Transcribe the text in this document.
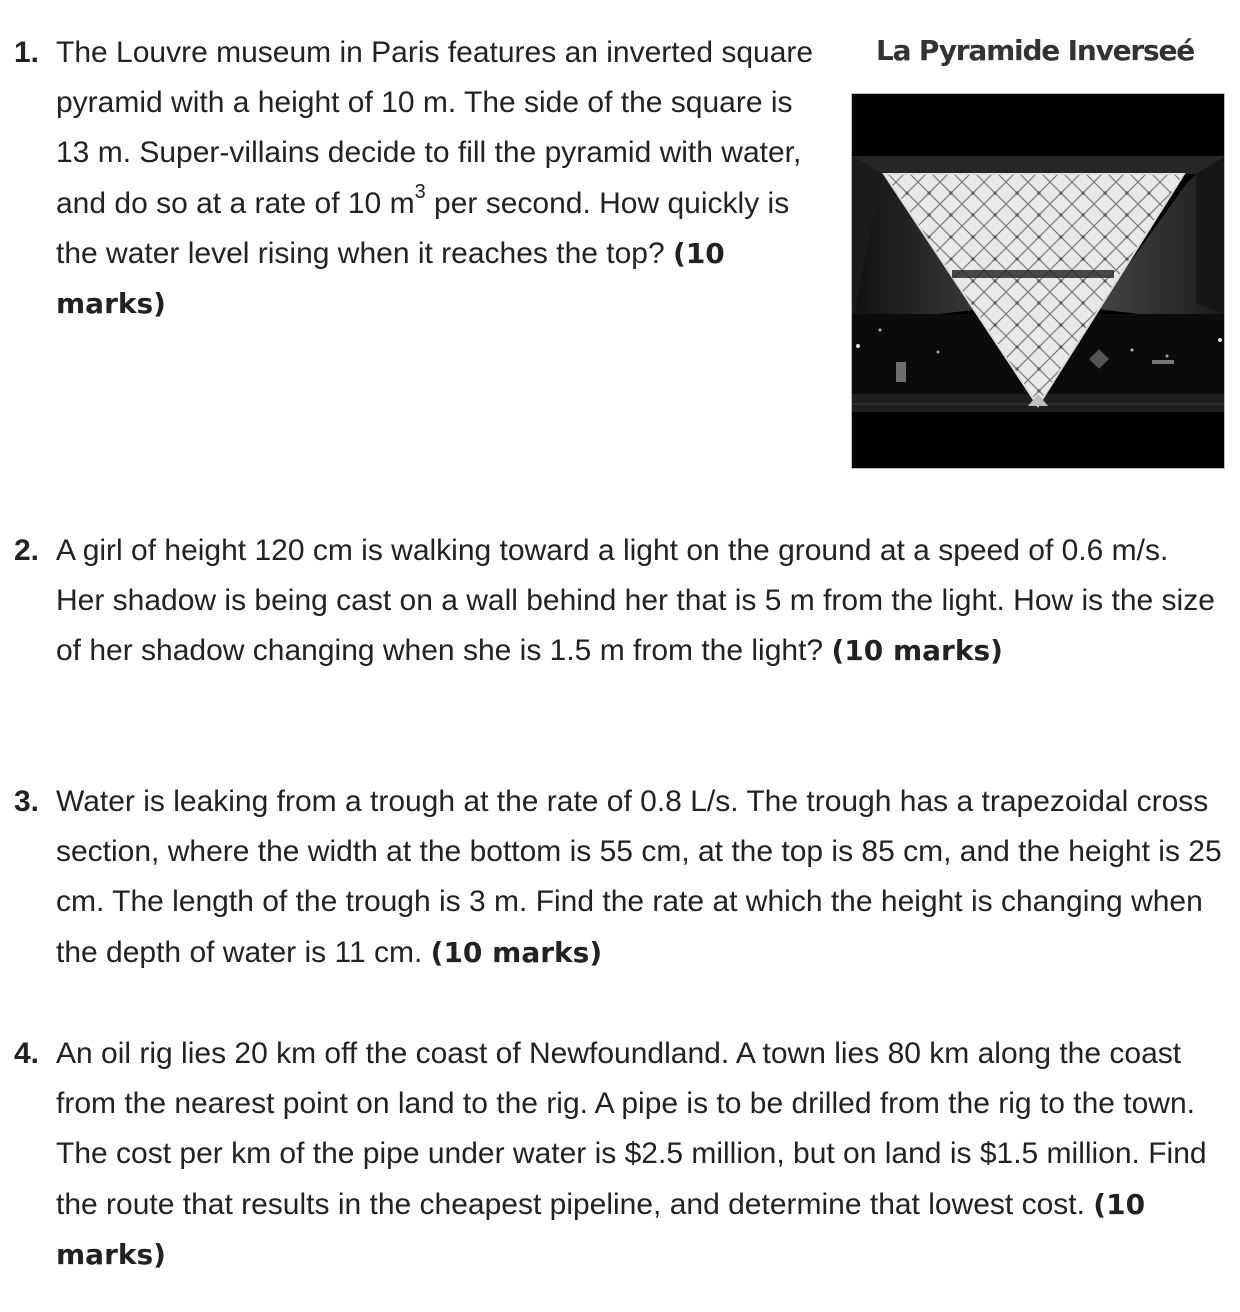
1. The Louvre museum in Paris features an inverted square pyramid with a height of 10 m. The side of the square is 13 m. Super-villains decide to fill the pyramid with water, and do so at a rate of 10 $m^3$ per second. How quickly is the water level rising when it reaches the top? (10 marks)
La Pyramide Inverseé
2. A girl of height 120 cm is walking toward a light on the ground at a speed of 0.6 m/s. Her shadow is being cast on a wall behind her that is 5 m from the light. How is the size of her shadow changing when she is 1.5 m from the light? (10 marks)
3. Water is leaking from a trough at the rate of 0.8 L/s. The trough has a trapezoidal cross section, where the width at the bottom is 55 cm, at the top is 85 cm, and the height is 25 cm. The length of the trough is 3 m. Find the rate at which the height is changing when the depth of water is 11 cm. (10 marks)
4. An oil rig lies 20 km off the coast of Newfoundland. A town lies 80 km along the coast from the nearest point on land to the rig. A pipe is to be drilled from the rig to the town. The cost per km of the pipe under water is $2.5 million, but on land is $1.5 million. Find the route that results in the cheapest pipeline, and determine that lowest cost. (10 marks)
